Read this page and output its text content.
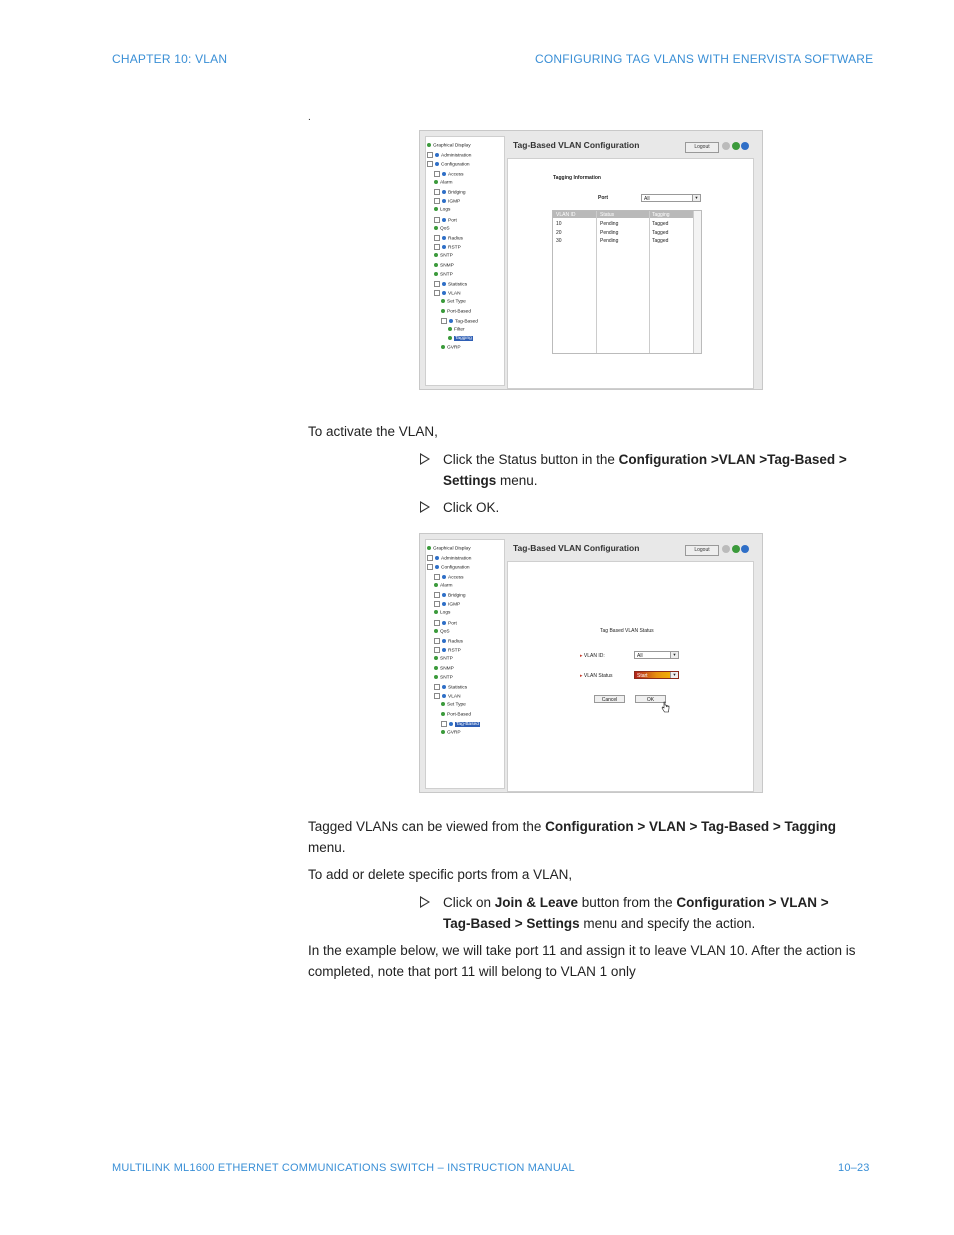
CHAPTER 10: VLAN	CONFIGURING TAG VLANS WITH ENERVISTA SOFTWARE
.
Tag-Based VLAN Configuration	Logout
Tagging Information
Port	All	▼
VLAN ID	Status	Tagging
10	Pending	Tagged
20	Pending	Tagged
30	Pending	Tagged
Graphical Display
Administration
Configuration
Access
Alarm
Bridging
IGMP
Logs
Port
QoS
Radius
RSTP
SNTP
SNMP
SNTP
Statistics
VLAN
Set Type
Port-Based
Tag-Based
Filter
Tagging
GVRP
To activate the VLAN,
Click the Status button in the Configuration >VLAN >Tag-Based >
Settings menu.
Click OK.
Tag-Based VLAN Configuration	Logout
Tag Based VLAN Status
▸ VLAN ID:	All	▼
▸ VLAN Status	Start	▼
Cancel	OK
Graphical Display
Administration
Configuration
Access
Alarm
Bridging
IGMP
Logs
Port
QoS
Radius
RSTP
SNTP
SNMP
SNTP
Statistics
VLAN
Set Type
Port-Based
Tag-Based
GVRP
Tagged VLANs can be viewed from the Configuration > VLAN > Tag-Based > Tagging
menu.
To add or delete specific ports from a VLAN,
Click on Join & Leave button from the Configuration > VLAN >
Tag-Based > Settings menu and specify the action.
In the example below, we will take port 11 and assign it to leave VLAN 10. After the action is
completed, note that port 11 will belong to VLAN 1 only
MULTILINK ML1600 ETHERNET COMMUNICATIONS SWITCH – INSTRUCTION MANUAL	10–23
